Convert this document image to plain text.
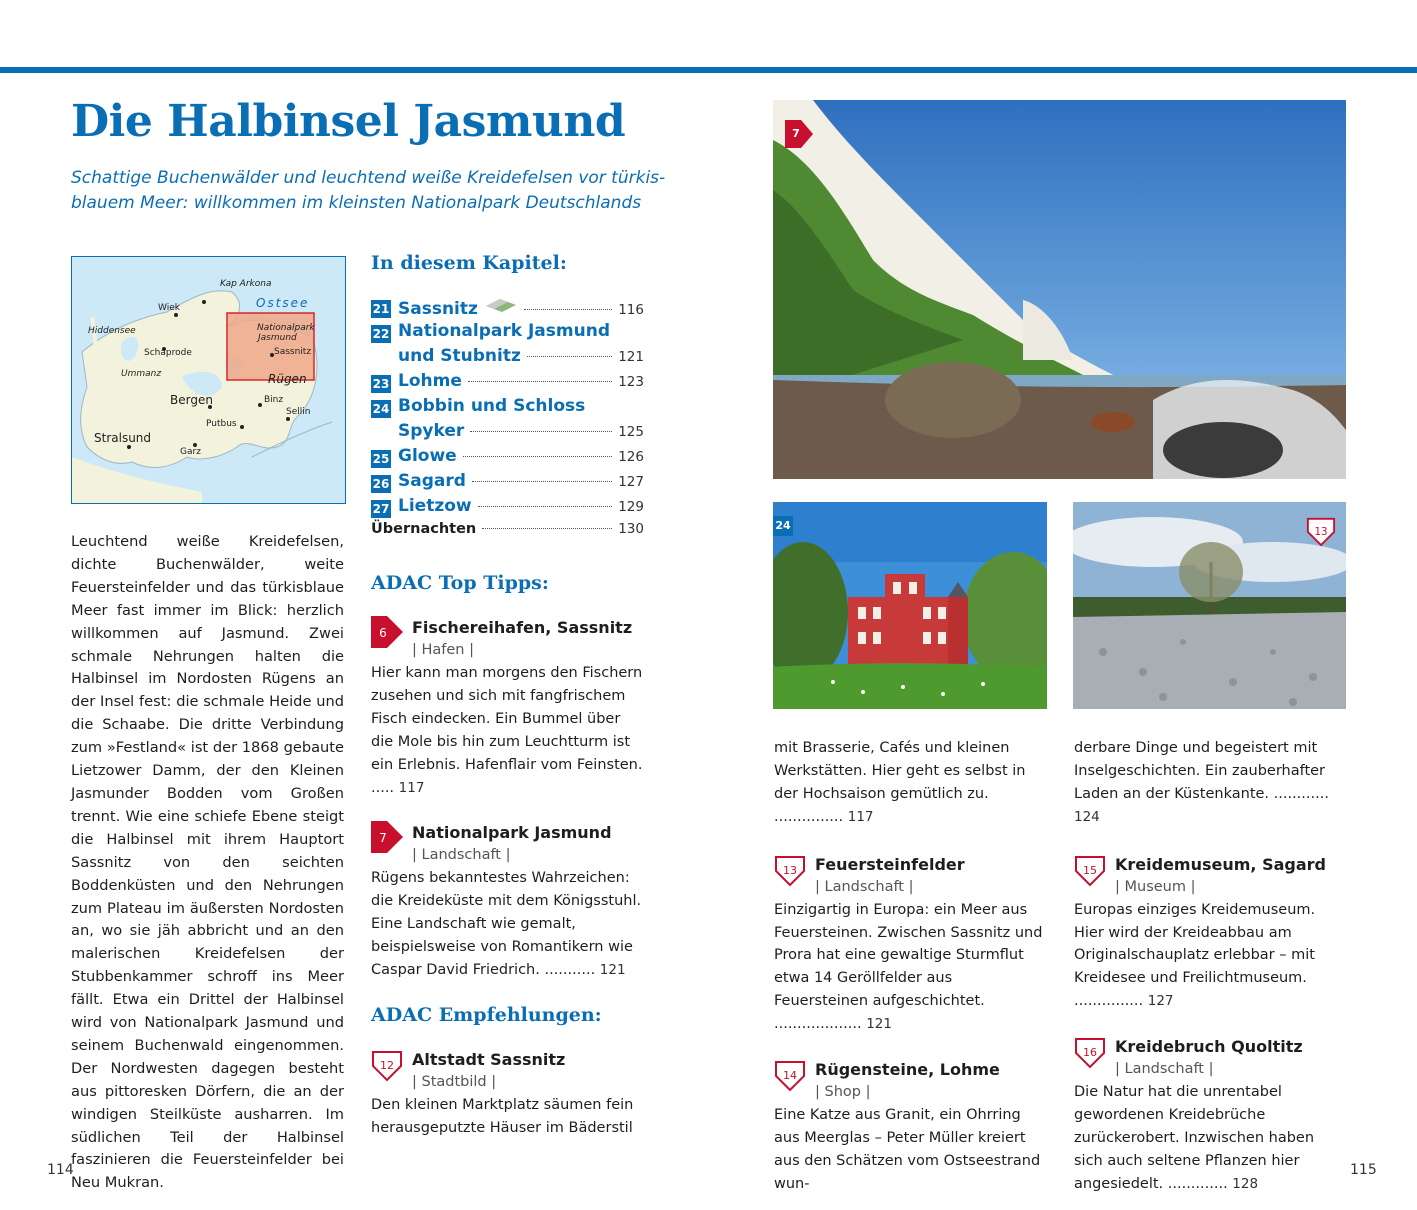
Die Halbinsel Jasmund
Schattige Buchenwälder und leuchtend weiße Kreidefelsen vor türkis-
blauem Meer: willkommen im kleinsten Nationalpark Deutschlands
Kap Arkona
Ostsee
Wiek
Hiddensee
Schaprode
Ummanz
Nationalpark
Jasmund
Sassnitz
Rügen
Bergen	Binz
Sellin
Putbus
Stralsund
Garz
Leuchtend weiße Kreidefelsen, dichte Buchenwälder, weite Feuersteinfelder und das türkisblaue Meer fast immer im Blick: herzlich willkommen auf Jasmund. Zwei schmale Nehrungen halten die Halbinsel im Nordosten Rügens an der Insel fest: die schmale Heide und die Schaabe. Die dritte Verbindung zum »Festland« ist der 1868 gebaute Lietzower Damm, der den Kleinen Jasmunder Bodden vom Großen trennt. Wie eine schiefe Ebene steigt die Halbinsel mit ihrem Hauptort Sassnitz von den seichten Boddenküsten und den Nehrungen zum Plateau im äußersten Nordosten an, wo sie jäh abbricht und an den malerischen Kreidefelsen der Stubbenkammer schroff ins Meer fällt. Etwa ein Drittel der Halbinsel wird von Nationalpark Jasmund und seinem Buchenwald eingenommen. Der Nordwesten dagegen besteht aus pittoresken Dörfern, die an der windigen Steilküste ausharren. Im südlichen Teil der Halbinsel faszinieren die Feuersteinfelder bei Neu Mukran.
In diesem Kapitel:
21 Sassnitz	116
22 Nationalpark Jasmund
und Stubnitz	121
23 Lohme	123
24 Bobbin und Schloss
Spyker	125
25 Glowe	126
26 Sagard	127
27 Lietzow	129
Übernachten	130
ADAC Top Tipps:
6 Fischereihafen, Sassnitz
| Hafen |
Hier kann man morgens den Fischern zusehen und sich mit fangfrischem Fisch eindecken. Ein Bummel über die Mole bis hin zum Leuchtturm ist ein Erlebnis. Hafenflair vom Feinsten. ..... 117
7 Nationalpark Jasmund
| Landschaft |
Rügens bekanntestes Wahrzeichen: die Kreideküste mit dem Königsstuhl. Eine Landschaft wie gemalt, beispielsweise von Romantikern wie Caspar David Friedrich. ........... 121
ADAC Empfehlungen:
12 Altstadt Sassnitz
| Stadtbild |
Den kleinen Marktplatz säumen fein herausgeputzte Häuser im Bäderstil
7
24	13
mit Brasserie, Cafés und kleinen Werkstätten. Hier geht es selbst in der Hochsaison gemütlich zu. ............... 117
13 Feuersteinfelder
| Landschaft |
Einzigartig in Europa: ein Meer aus Feuersteinen. Zwischen Sassnitz und Prora hat eine gewaltige Sturmflut etwa 14 Geröllfelder aus Feuersteinen aufgeschichtet. ................... 121
14 Rügensteine, Lohme
| Shop |
Eine Katze aus Granit, ein Ohrring aus Meerglas – Peter Müller kreiert aus den Schätzen vom Ostseestrand wun-
derbare Dinge und begeistert mit Inselgeschichten. Ein zauberhafter Laden an der Küstenkante. ............ 124
15 Kreidemuseum, Sagard
| Museum |
Europas einziges Kreidemuseum. Hier wird der Kreideabbau am Originalschauplatz erlebbar – mit Kreidesee und Freilichtmuseum. ............... 127
16 Kreidebruch Quoltitz
| Landschaft |
Die Natur hat die unrentabel gewordenen Kreidebrüche zurückerobert. Inzwischen haben sich auch seltene Pflanzen hier angesiedelt. ............. 128
114	115
